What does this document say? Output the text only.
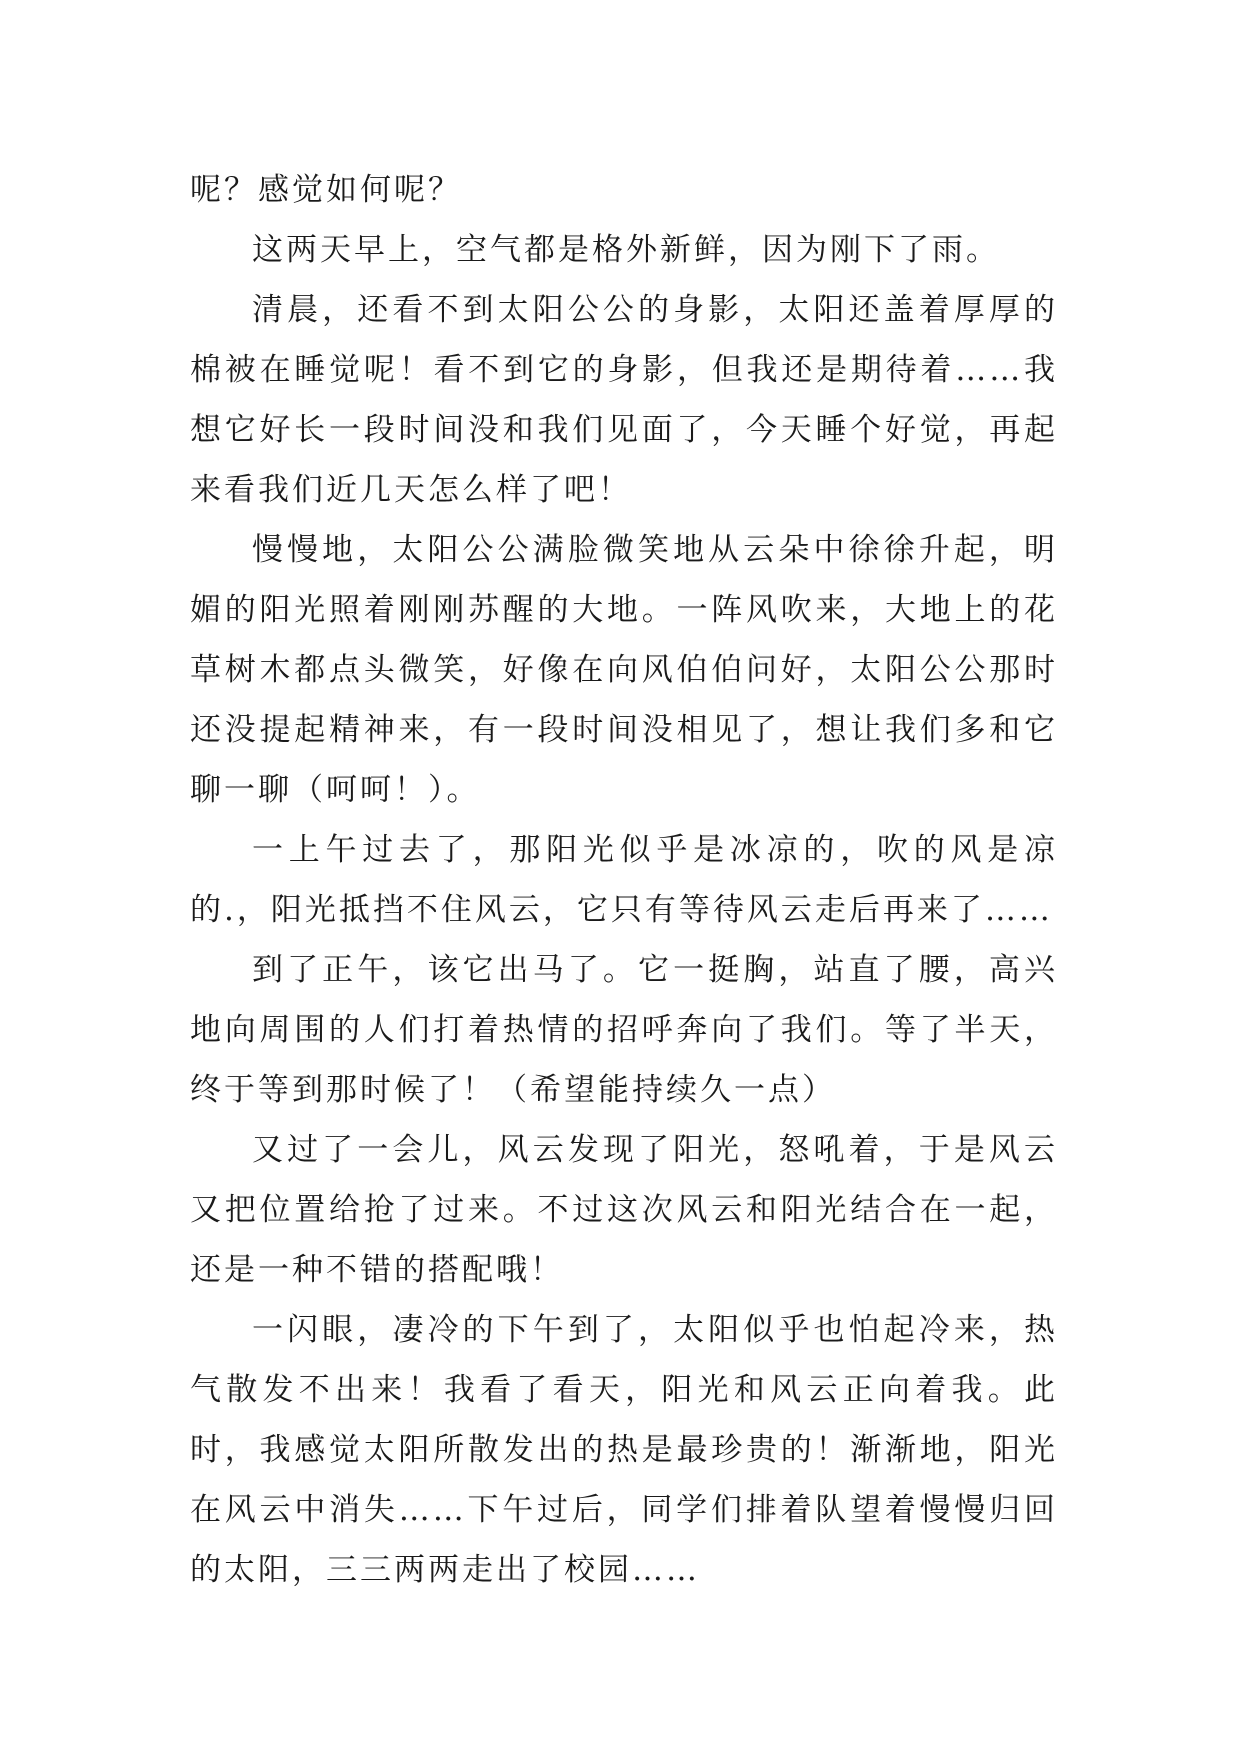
呢？感觉如何呢？

这两天早上，空气都是格外新鲜，因为刚下了雨。

清晨，还看不到太阳公公的身影，太阳还盖着厚厚的棉被在睡觉呢！看不到它的身影，但我还是期待着……我想它好长一段时间没和我们见面了，今天睡个好觉，再起来看我们近几天怎么样了吧！

慢慢地，太阳公公满脸微笑地从云朵中徐徐升起，明媚的阳光照着刚刚苏醒的大地。一阵风吹来，大地上的花草树木都点头微笑，好像在向风伯伯问好，太阳公公那时还没提起精神来，有一段时间没相见了，想让我们多和它聊一聊（呵呵！）。

一上午过去了，那阳光似乎是冰凉的，吹的风是凉的.，阳光抵挡不住风云，它只有等待风云走后再来了……

到了正午，该它出马了。它一挺胸，站直了腰，高兴地向周围的人们打着热情的招呼奔向了我们。等了半天，终于等到那时候了！（希望能持续久一点）

又过了一会儿，风云发现了阳光，怒吼着，于是风云又把位置给抢了过来。不过这次风云和阳光结合在一起，还是一种不错的搭配哦！

一闪眼，凄冷的下午到了，太阳似乎也怕起冷来，热气散发不出来！我看了看天，阳光和风云正向着我。此时，我感觉太阳所散发出的热是最珍贵的！渐渐地，阳光在风云中消失……下午过后，同学们排着队望着慢慢归回的太阳，三三两两走出了校园……
